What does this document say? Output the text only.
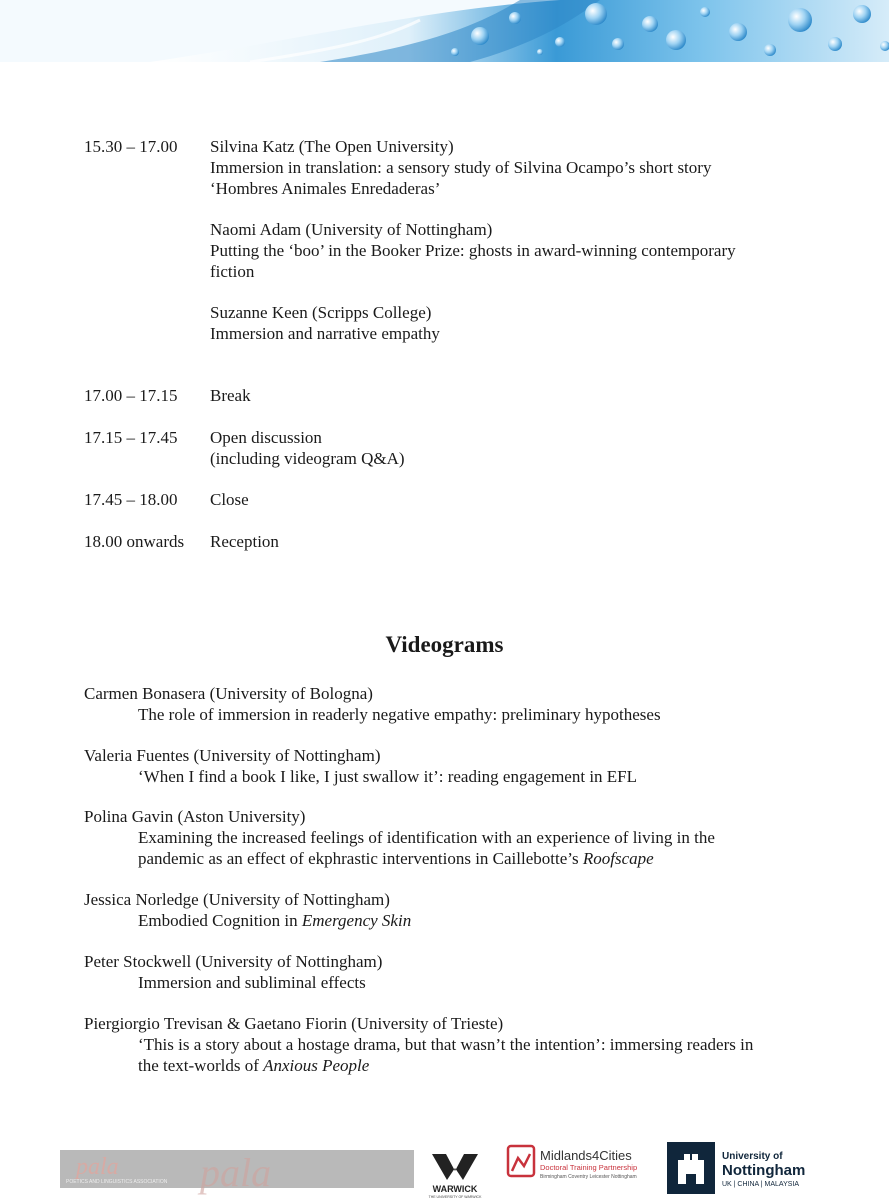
15.30 – 17.00 Silvina Katz (The Open University)
Immersion in translation: a sensory study of Silvina Ocampo’s short story
‘Hombres Animales Enredaderas’
Naomi Adam (University of Nottingham)
Putting the ‘boo’ in the Booker Prize: ghosts in award-winning contemporary
fiction
Suzanne Keen (Scripps College)
Immersion and narrative empathy
17.00 – 17.15 Break
17.15 – 17.45 Open discussion
(including videogram Q&A)
17.45 – 18.00 Close
18.00 onwards Reception
Videograms
Carmen Bonasera (University of Bologna)
The role of immersion in readerly negative empathy: preliminary hypotheses
Valeria Fuentes (University of Nottingham)
‘When I find a book I like, I just swallow it’: reading engagement in EFL
Polina Gavin (Aston University)
Examining the increased feelings of identification with an experience of living in the
pandemic as an effect of ekphrastic interventions in Caillebotte’s Roofscape
Jessica Norledge (University of Nottingham)
Embodied Cognition in Emergency Skin
Peter Stockwell (University of Nottingham)
Immersion and subliminal effects
Piergiorgio Trevisan & Gaetano Fiorin (University of Trieste)
‘This is a story about a hostage drama, but that wasn’t the intention’: immersing readers in
the text-worlds of Anxious People
pala pala
POETICS AND LINGUISTICS ASSOCIATION
WARWICK
THE UNIVERSITY OF WARWICK
Midlands4Cities
Doctoral Training Partnership
Birmingham Coventry Leicester Nottingham
University of
Nottingham
UK | CHINA | MALAYSIA
